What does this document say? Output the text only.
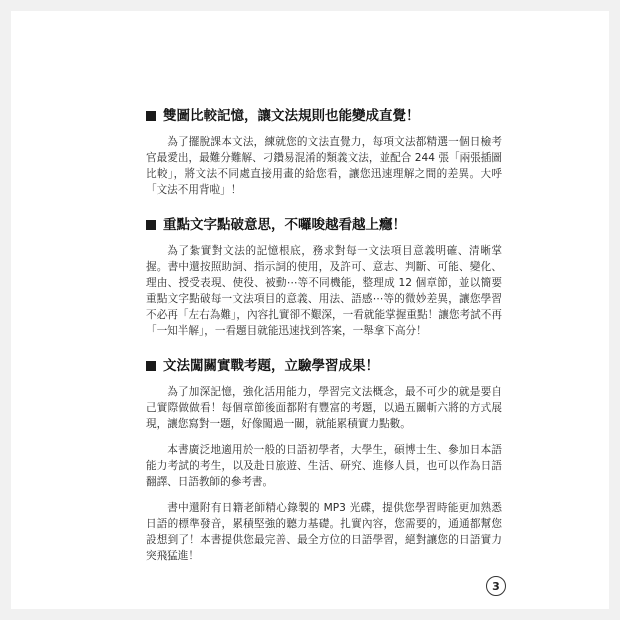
雙圖比較記憶，讓文法規則也能變成直覺！

為了擺脫課本文法，練就您的文法直覺力，每項文法都精選一個日檢考官最愛出，最難分難解、刁鑽易混淆的類義文法，並配合 244 張「兩張插圖比較」，將文法不同處直接用畫的給您看，讓您迅速理解之間的差異。大呼「文法不用背啦」！

重點文字點破意思，不囉唆越看越上癮！

為了紮實對文法的記憶根底，務求對每一文法項目意義明確、清晰掌握。書中還按照助詞、指示詞的使用，及許可、意志、判斷、可能、變化、理由、授受表現、使役、被動⋯等不同機能，整理成 12 個章節，並以簡要重點文字點破每一文法項目的意義、用法、語感⋯等的微妙差異，讓您學習不必再「左右為難」，內容扎實卻不艱深，一看就能掌握重點！讓您考試不再「一知半解」，一看題目就能迅速找到答案，一舉拿下高分！

文法闖關實戰考題，立驗學習成果！

為了加深記憶，強化活用能力，學習完文法概念，最不可少的就是要自己實際做做看！每個章節後面都附有豐富的考題，以過五關斬六將的方式展現，讓您寫對一題，好像闖過一關，就能累積實力點數。

本書廣泛地適用於一般的日語初學者，大學生，碩博士生、參加日本語能力考試的考生，以及赴日旅遊、生活、研究、進修人員，也可以作為日語翻譯、日語教師的參考書。

書中還附有日籍老師精心錄製的 MP3 光碟，提供您學習時能更加熟悉日語的標準發音，累積堅強的聽力基礎。扎實內容，您需要的，通通都幫您設想到了！本書提供您最完善、最全方位的日語學習，絕對讓您的日語實力突飛猛進！

3
